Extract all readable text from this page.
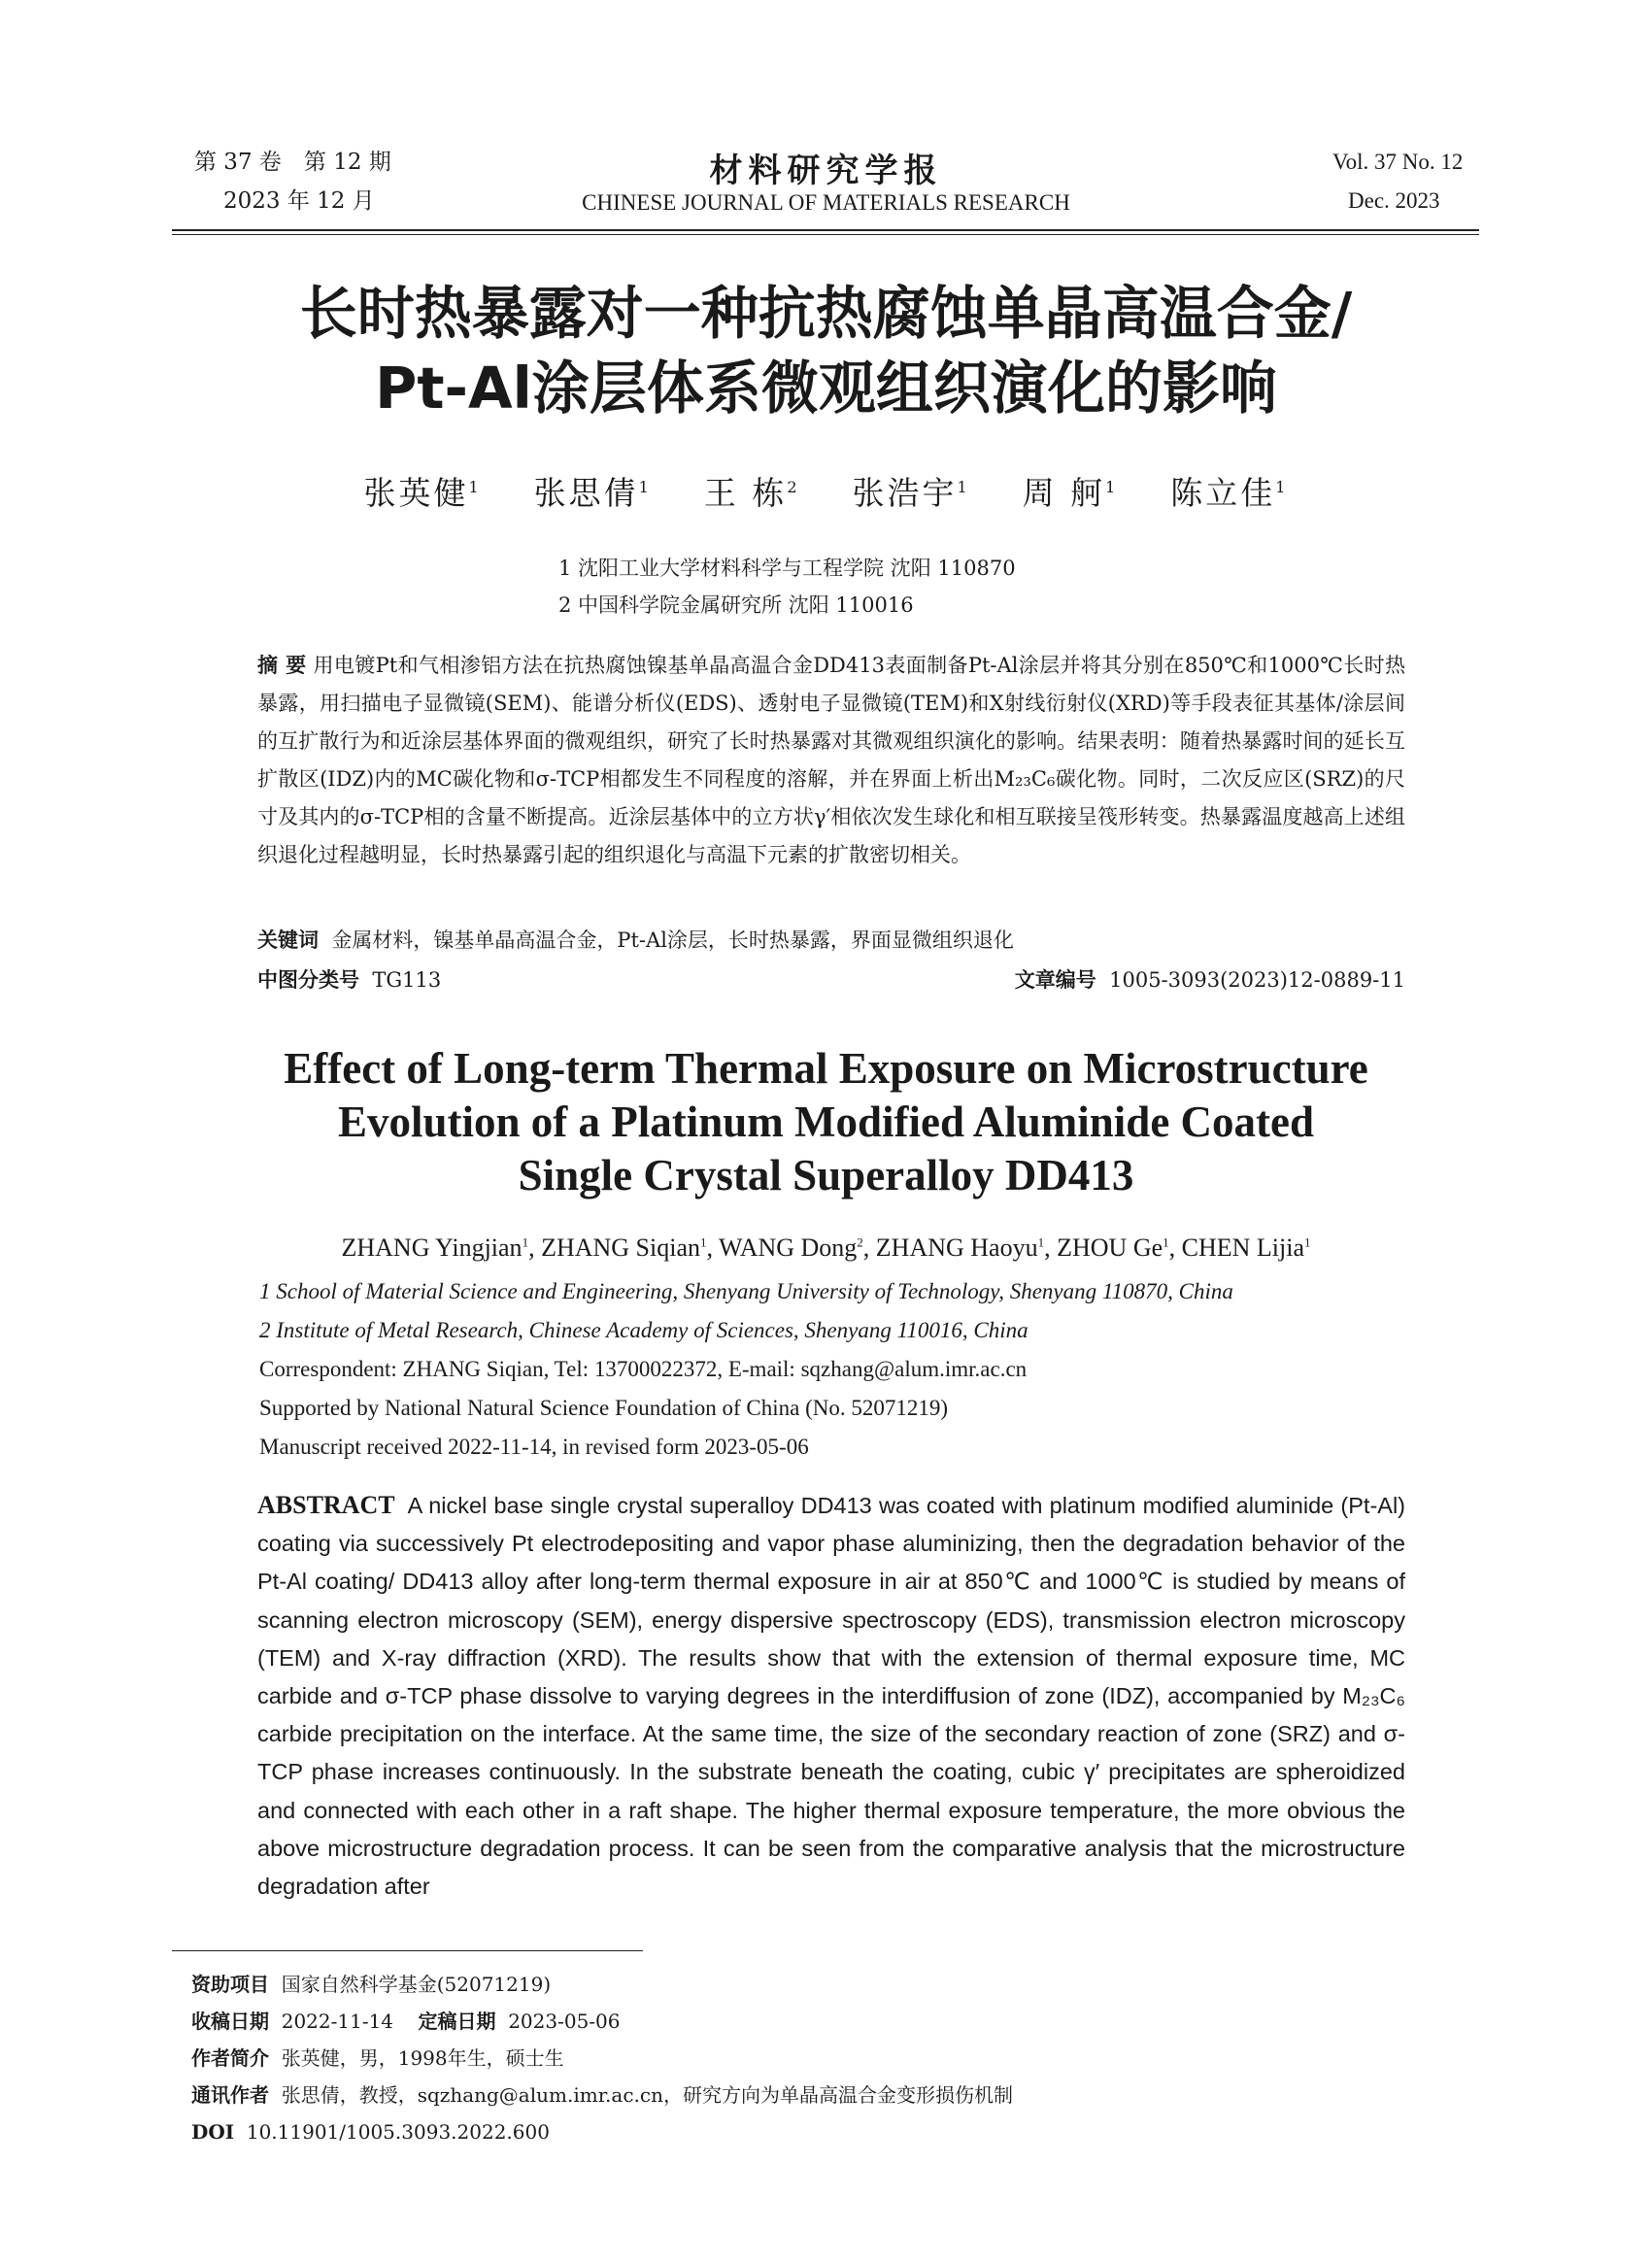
第 37 卷　第 12 期
2023 年 12 月
材料研究学报
CHINESE JOURNAL OF MATERIALS RESEARCH
Vol. 37 No. 12
Dec. 2023
长时热暴露对一种抗热腐蚀单晶高温合金/
Pt-Al涂层体系微观组织演化的影响
张英健$^1$ 张思倩$^1$ 王 栋$^2$ 张浩宇$^1$ 周 舸$^1$ 陈立佳$^1$
1 沈阳工业大学材料科学与工程学院 沈阳 110870
2 中国科学院金属研究所 沈阳 110016
摘 要 用电镀Pt和气相渗铝方法在抗热腐蚀镍基单晶高温合金DD413表面制备Pt-Al涂层并将其分别在850℃和1000℃长时热暴露，用扫描电子显微镜(SEM)、能谱分析仪(EDS)、透射电子显微镜(TEM)和X射线衍射仪(XRD)等手段表征其基体/涂层间的互扩散行为和近涂层基体界面的微观组织，研究了长时热暴露对其微观组织演化的影响。结果表明：随着热暴露时间的延长互扩散区(IDZ)内的MC碳化物和σ-TCP相都发生不同程度的溶解，并在界面上析出M₂₃C₆碳化物。同时，二次反应区(SRZ)的尺寸及其内的σ-TCP相的含量不断提高。近涂层基体中的立方状γ′相依次发生球化和相互联接呈筏形转变。热暴露温度越高上述组织退化过程越明显，长时热暴露引起的组织退化与高温下元素的扩散密切相关。
关键词 金属材料，镍基单晶高温合金，Pt-Al涂层，长时热暴露，界面显微组织退化
中图分类号 TG113	文章编号 1005-3093(2023)12-0889-11
Effect of Long-term Thermal Exposure on Microstructure
Evolution of a Platinum Modified Aluminide Coated
Single Crystal Superalloy DD413
ZHANG Yingjian$^1$, ZHANG Siqian$^1$, WANG Dong$^2$, ZHANG Haoyu$^1$, ZHOU Ge$^1$, CHEN Lijia$^1$
1 School of Material Science and Engineering, Shenyang University of Technology, Shenyang 110870, China
2 Institute of Metal Research, Chinese Academy of Sciences, Shenyang 110016, China
Correspondent: ZHANG Siqian, Tel: 13700022372, E-mail: sqzhang@alum.imr.ac.cn
Supported by National Natural Science Foundation of China (No. 52071219)
Manuscript received 2022-11-14, in revised form 2023-05-06
ABSTRACT A nickel base single crystal superalloy DD413 was coated with platinum modified aluminide (Pt-Al) coating via successively Pt electrodepositing and vapor phase aluminizing, then the degradation behavior of the Pt-Al coating/ DD413 alloy after long-term thermal exposure in air at 850℃ and 1000℃ is studied by means of scanning electron microscopy (SEM), energy dispersive spectroscopy (EDS), transmission electron microscopy (TEM) and X-ray diffraction (XRD). The results show that with the extension of thermal exposure time, MC carbide and σ-TCP phase dissolve to varying degrees in the interdiffusion of zone (IDZ), accompanied by M₂₃C₆ carbide precipitation on the interface. At the same time, the size of the secondary reaction of zone (SRZ) and σ-TCP phase increases continuously. In the substrate beneath the coating, cubic γ′ precipitates are spheroidized and connected with each other in a raft shape. The higher thermal exposure temperature, the more obvious the above microstructure degradation process. It can be seen from the comparative analysis that the microstructure degradation after
资助项目 国家自然科学基金(52071219)
收稿日期 2022-11-14 定稿日期 2023-05-06
作者简介 张英健，男，1998年生，硕士生
通讯作者 张思倩，教授，sqzhang@alum.imr.ac.cn，研究方向为单晶高温合金变形损伤机制
DOI 10.11901/1005.3093.2022.600
